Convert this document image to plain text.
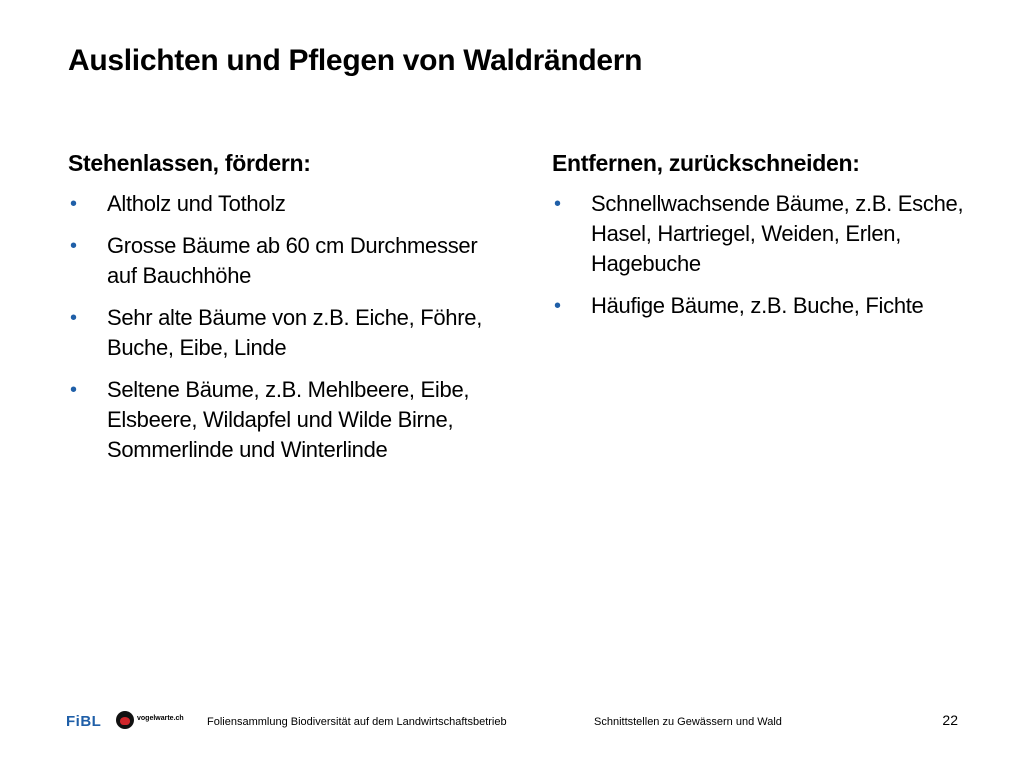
Auslichten und Pflegen von Waldrändern
Stehenlassen, fördern:
• Altholz und Totholz
• Grosse Bäume ab 60 cm Durchmesser auf Bauchhöhe
• Sehr alte Bäume von z.B. Eiche, Föhre, Buche, Eibe, Linde
• Seltene Bäume, z.B. Mehlbeere, Eibe, Elsbeere, Wildapfel und Wilde Birne, Sommerlinde und Winterlinde
Entfernen, zurückschneiden:
• Schnellwachsende Bäume, z.B. Esche, Hasel, Hartriegel, Weiden, Erlen, Hagebuche
• Häufige Bäume, z.B. Buche, Fichte
FiBL	vogelwarte.ch Foliensammlung Biodiversität auf dem Landwirtschaftsbetrieb	Schnittstellen zu Gewässern und Wald	22
